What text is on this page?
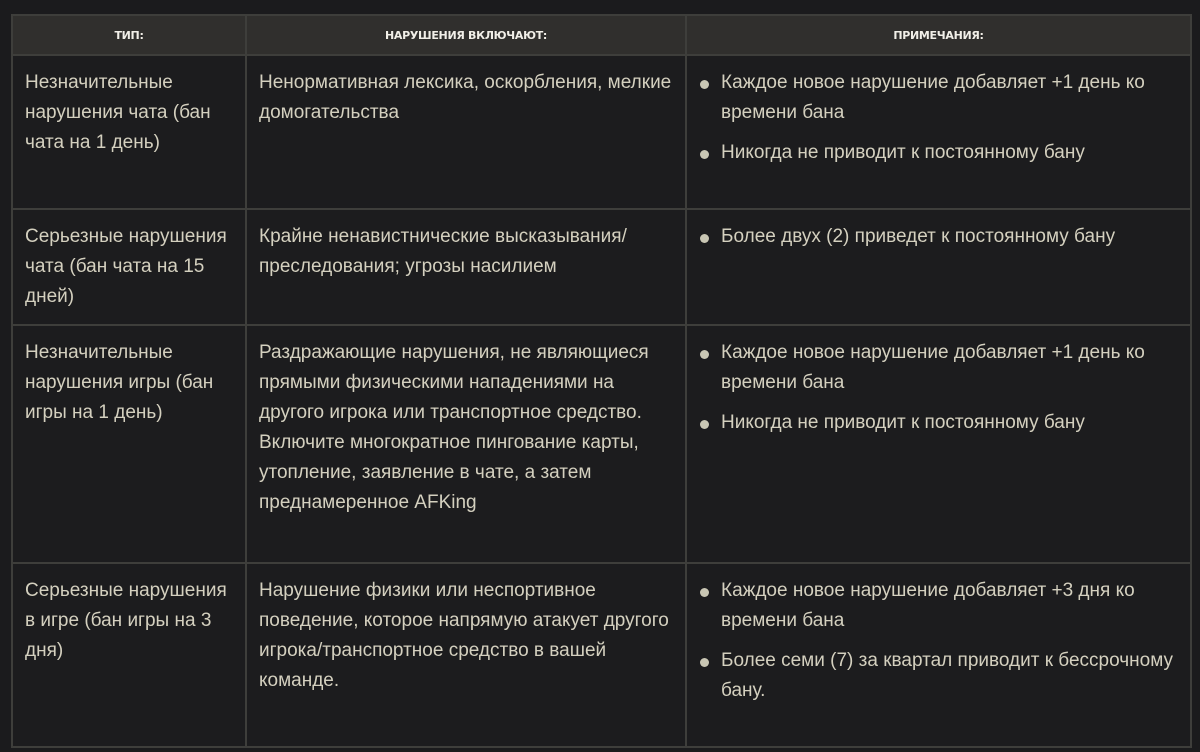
ТИП:	НАРУШЕНИЯ ВКЛЮЧАЮТ:	ПРИМЕЧАНИЯ:
Незначительные нарушения чата (бан чата на 1 день)	Ненормативная лексика, оскорбления, мелкие домогательства	
Каждое новое нарушение добавляет +1 день ко времени бана
Никогда не приводит к постоянному бану

Серьезные нарушения чата (бан чата на 15 дней)	Крайне ненавистнические высказывания/ преследования; угрозы насилием	
Более двух (2) приведет к постоянному бану

Незначительные нарушения игры (бан игры на 1 день)	Раздражающие нарушения, не являющиеся прямыми физическими нападениями на другого игрока или транспортное средство. Включите многократное пингование карты, утопление, заявление в чате, а затем преднамеренное AFKing	
Каждое новое нарушение добавляет +1 день ко времени бана
Никогда не приводит к постоянному бану

Серьезные нарушения в игре (бан игры на 3 дня)	Нарушение физики или неспортивное поведение, которое напрямую атакует другого игрока/транспортное средство в вашей команде.	
Каждое новое нарушение добавляет +3 дня ко времени бана
Более семи (7) за квартал приводит к бессрочному бану.
